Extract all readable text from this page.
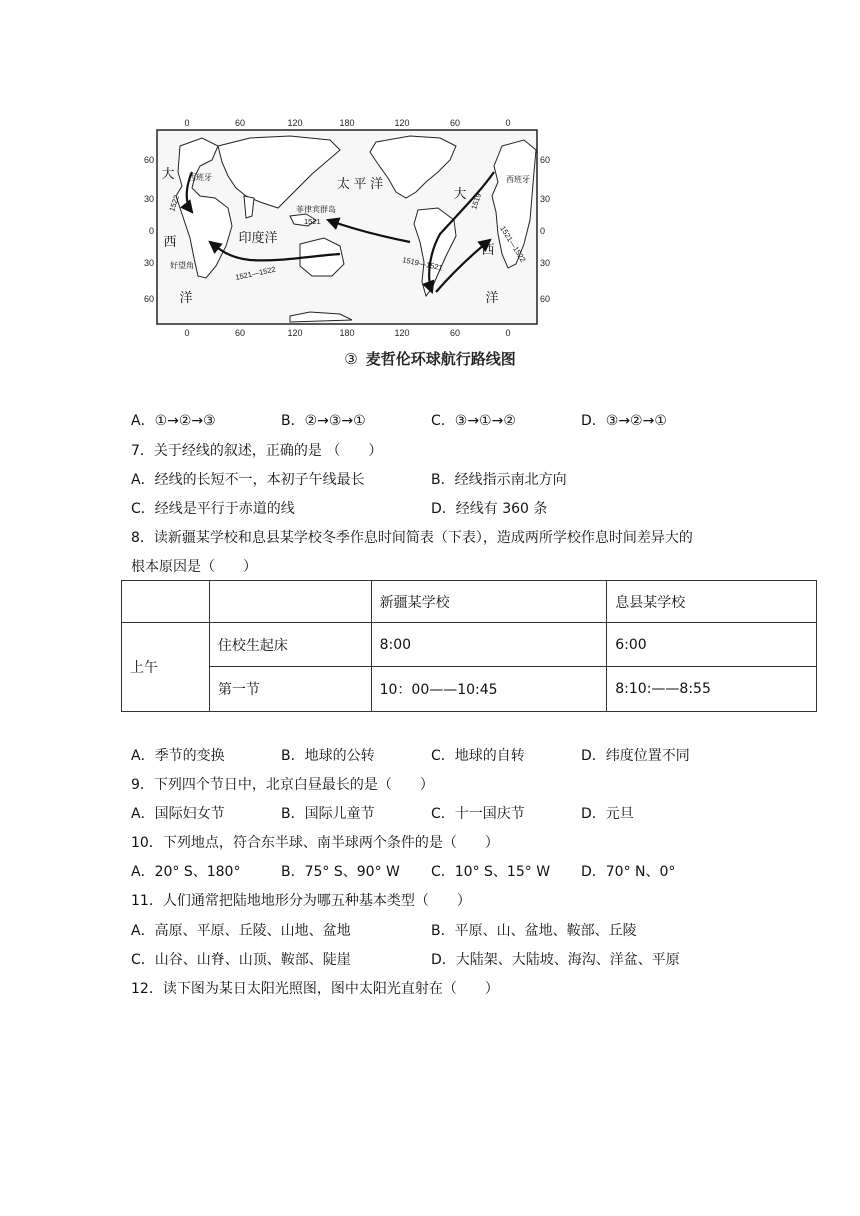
0	60	120	180	120	60	0
0	60	120	180	120	60	0
60
30
0
30
60
60
30
0
30
60
大
西
洋
大
西
洋
太 平 洋
印度洋
西班牙	西班牙
菲律宾群岛
好望角
1522
1521
1521—1522
1519—1521
1519
1521—1522
③ 麦哲伦环球航行路线图
A．①→②→③	B．②→③→①	C．③→①→②	D．③→②→①
7．关于经线的叙述，正确的是 （　　）
A．经线的长短不一，本初子午线最长	B．经线指示南北方向
C．经线是平行于赤道的线	D．经线有 360 条
8．读新疆某学校和息县某学校冬季作息时间简表（下表），造成两所学校作息时间差异大的
根本原因是（　　）
		新疆某学校	息县某学校
上午	住校生起床	8:00	6:00
	第一节	10：00——10:45	8:10:——8:55
A．季节的变换	B．地球的公转	C．地球的自转	D．纬度位置不同
9．下列四个节日中，北京白昼最长的是（　　）
A．国际妇女节	B．国际儿童节	C．十一国庆节	D．元旦
10．下列地点，符合东半球、南半球两个条件的是（　　）
A．20° S、180°	B．75° S、90° W C．10° S、15° W D．70° N、0°
11．人们通常把陆地地形分为哪五种基本类型（　　）
A．高原、平原、丘陵、山地、盆地	B．平原、山、盆地、鞍部、丘陵
C．山谷、山脊、山顶、鞍部、陡崖	D．大陆架、大陆坡、海沟、洋盆、平原
12．读下图为某日太阳光照图，图中太阳光直射在（　　）
